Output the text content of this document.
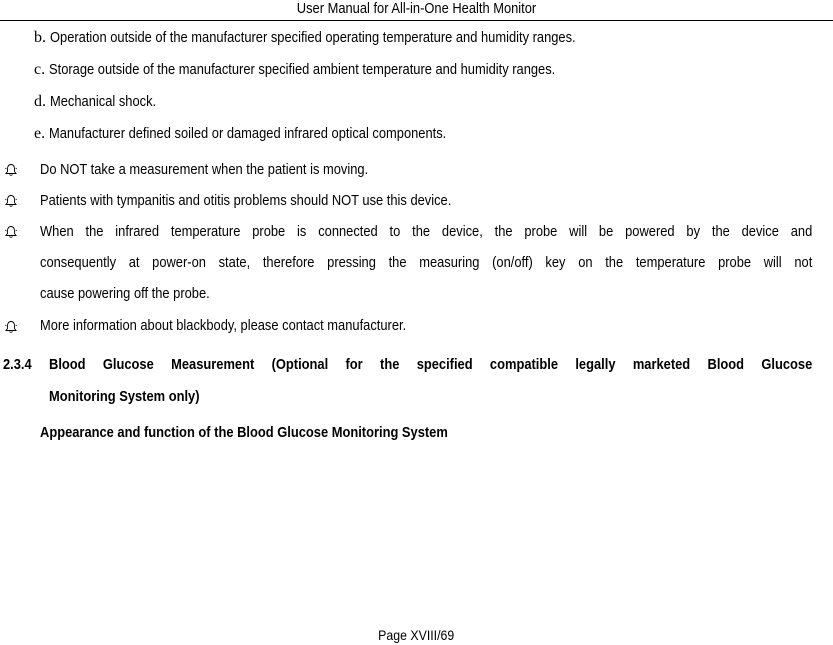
User Manual for All-in-One Health Monitor
b. Operation outside of the manufacturer specified operating temperature and humidity ranges.
c. Storage outside of the manufacturer specified ambient temperature and humidity ranges.
d. Mechanical shock.
e. Manufacturer defined soiled or damaged infrared optical components.
Do NOT take a measurement when the patient is moving.
Patients with tympanitis and otitis problems should NOT use this device.
When the infrared temperature probe is connected to the device, the probe will be powered by the device and
consequently at power-on state, therefore pressing the measuring (on/off) key on the temperature probe will not
cause powering off the probe.
More information about blackbody, please contact manufacturer.
2.3.4 Blood Glucose Measurement (Optional for the specified compatible legally marketed Blood Glucose
Monitoring System only)
Appearance and function of the Blood Glucose Monitoring System
Page XVIII/69
